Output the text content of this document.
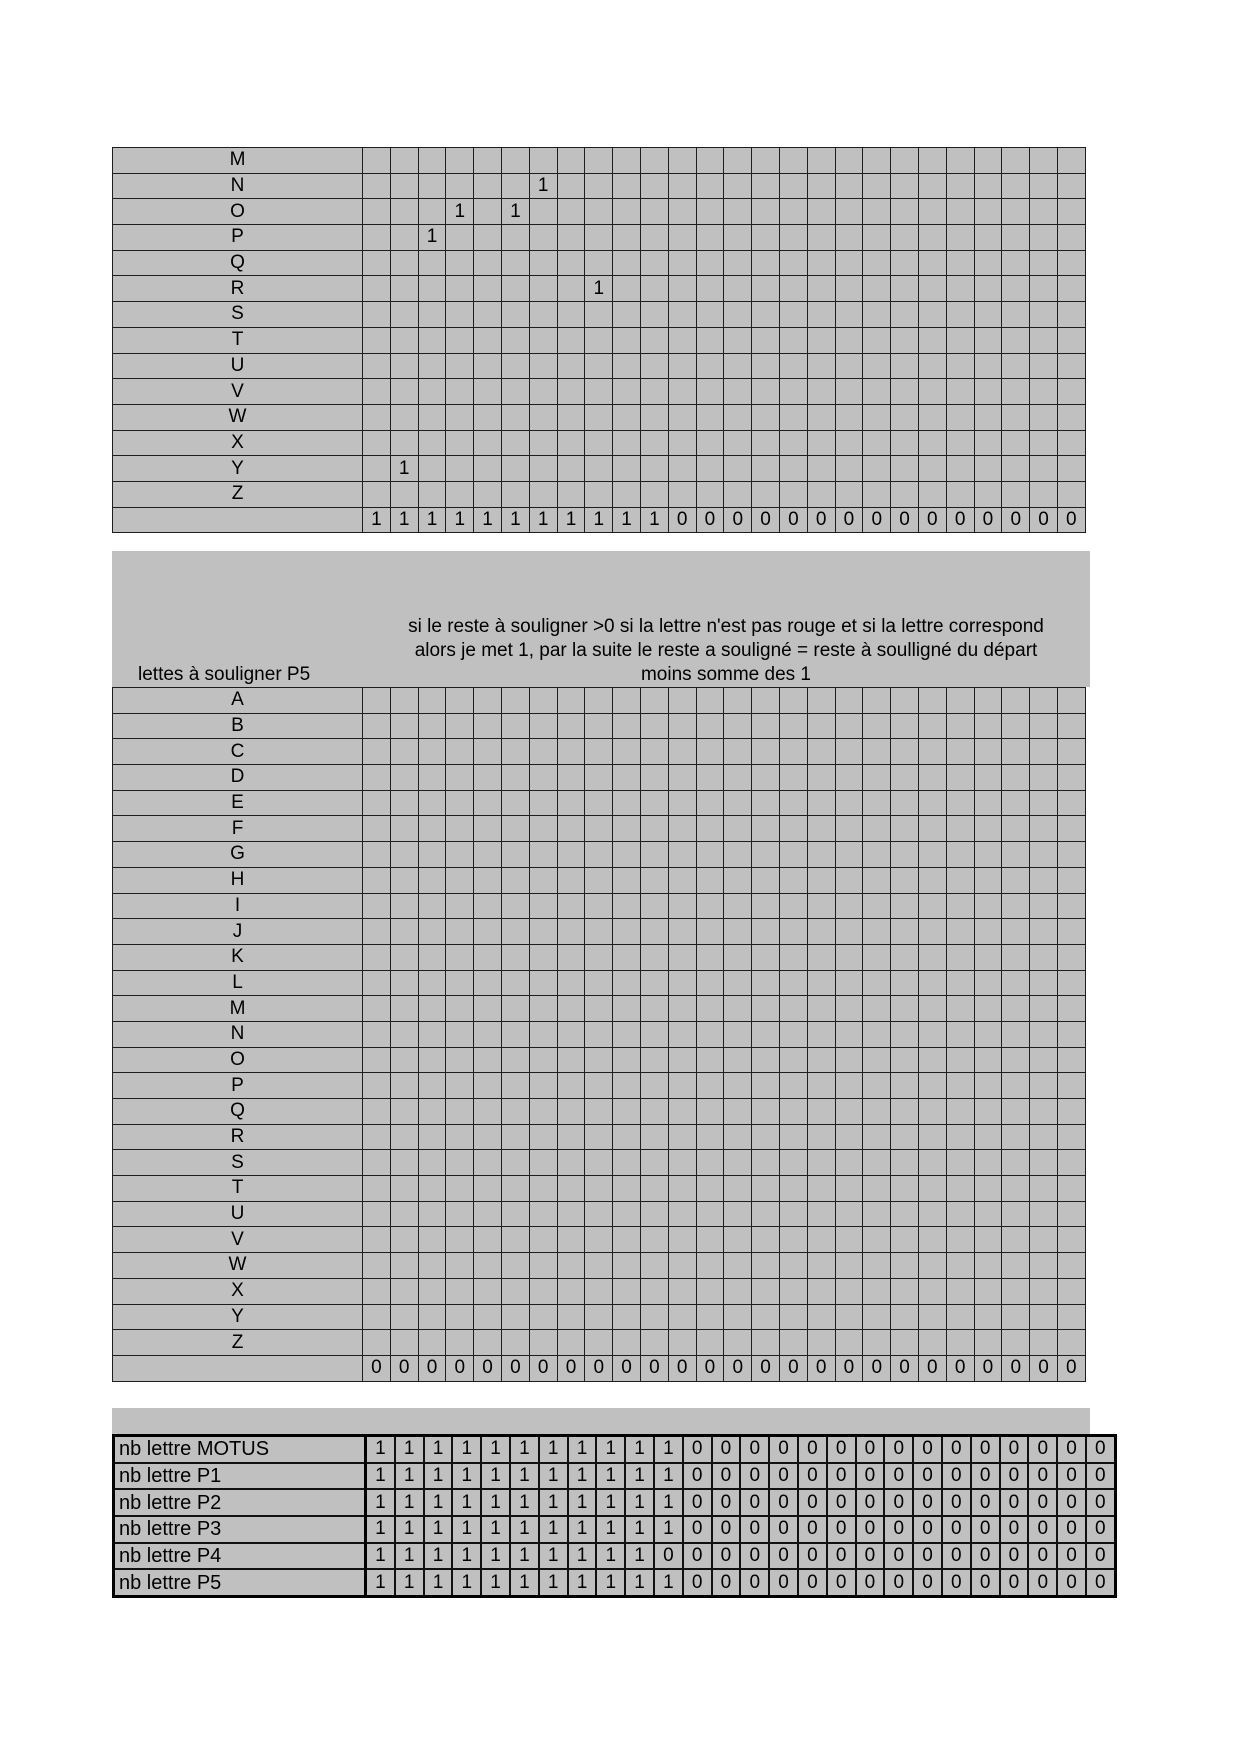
M																										
N							1																			
O				1		1																				
P			1																							
Q																										
R									1																	
S																										
T																										
U																										
V																										
W																										
X																										
Y		1																								
Z																										
	1	1	1	1	1	1	1	1	1	1	1	0	0	0	0	0	0	0	0	0	0	0	0	0	0	0
si le reste à souligner >0 si la lettre n'est pas rouge et si la lettre correspond
alors je met 1, par la suite le reste a souligné = reste à soulligné du départ
moins somme des 1
lettes à souligner P5
A																										
B																										
C																										
D																										
E																										
F																										
G																										
H																										
I																										
J																										
K																										
L																										
M																										
N																										
O																										
P																										
Q																										
R																										
S																										
T																										
U																										
V																										
W																										
X																										
Y																										
Z																										
	0	0	0	0	0	0	0	0	0	0	0	0	0	0	0	0	0	0	0	0	0	0	0	0	0	0
nb lettre MOTUS	1	1	1	1	1	1	1	1	1	1	1	0	0	0	0	0	0	0	0	0	0	0	0	0	0	0
nb lettre P1	1	1	1	1	1	1	1	1	1	1	1	0	0	0	0	0	0	0	0	0	0	0	0	0	0	0
nb lettre P2	1	1	1	1	1	1	1	1	1	1	1	0	0	0	0	0	0	0	0	0	0	0	0	0	0	0
nb lettre P3	1	1	1	1	1	1	1	1	1	1	1	0	0	0	0	0	0	0	0	0	0	0	0	0	0	0
nb lettre P4	1	1	1	1	1	1	1	1	1	1	0	0	0	0	0	0	0	0	0	0	0	0	0	0	0	0
nb lettre P5	1	1	1	1	1	1	1	1	1	1	1	0	0	0	0	0	0	0	0	0	0	0	0	0	0	0
